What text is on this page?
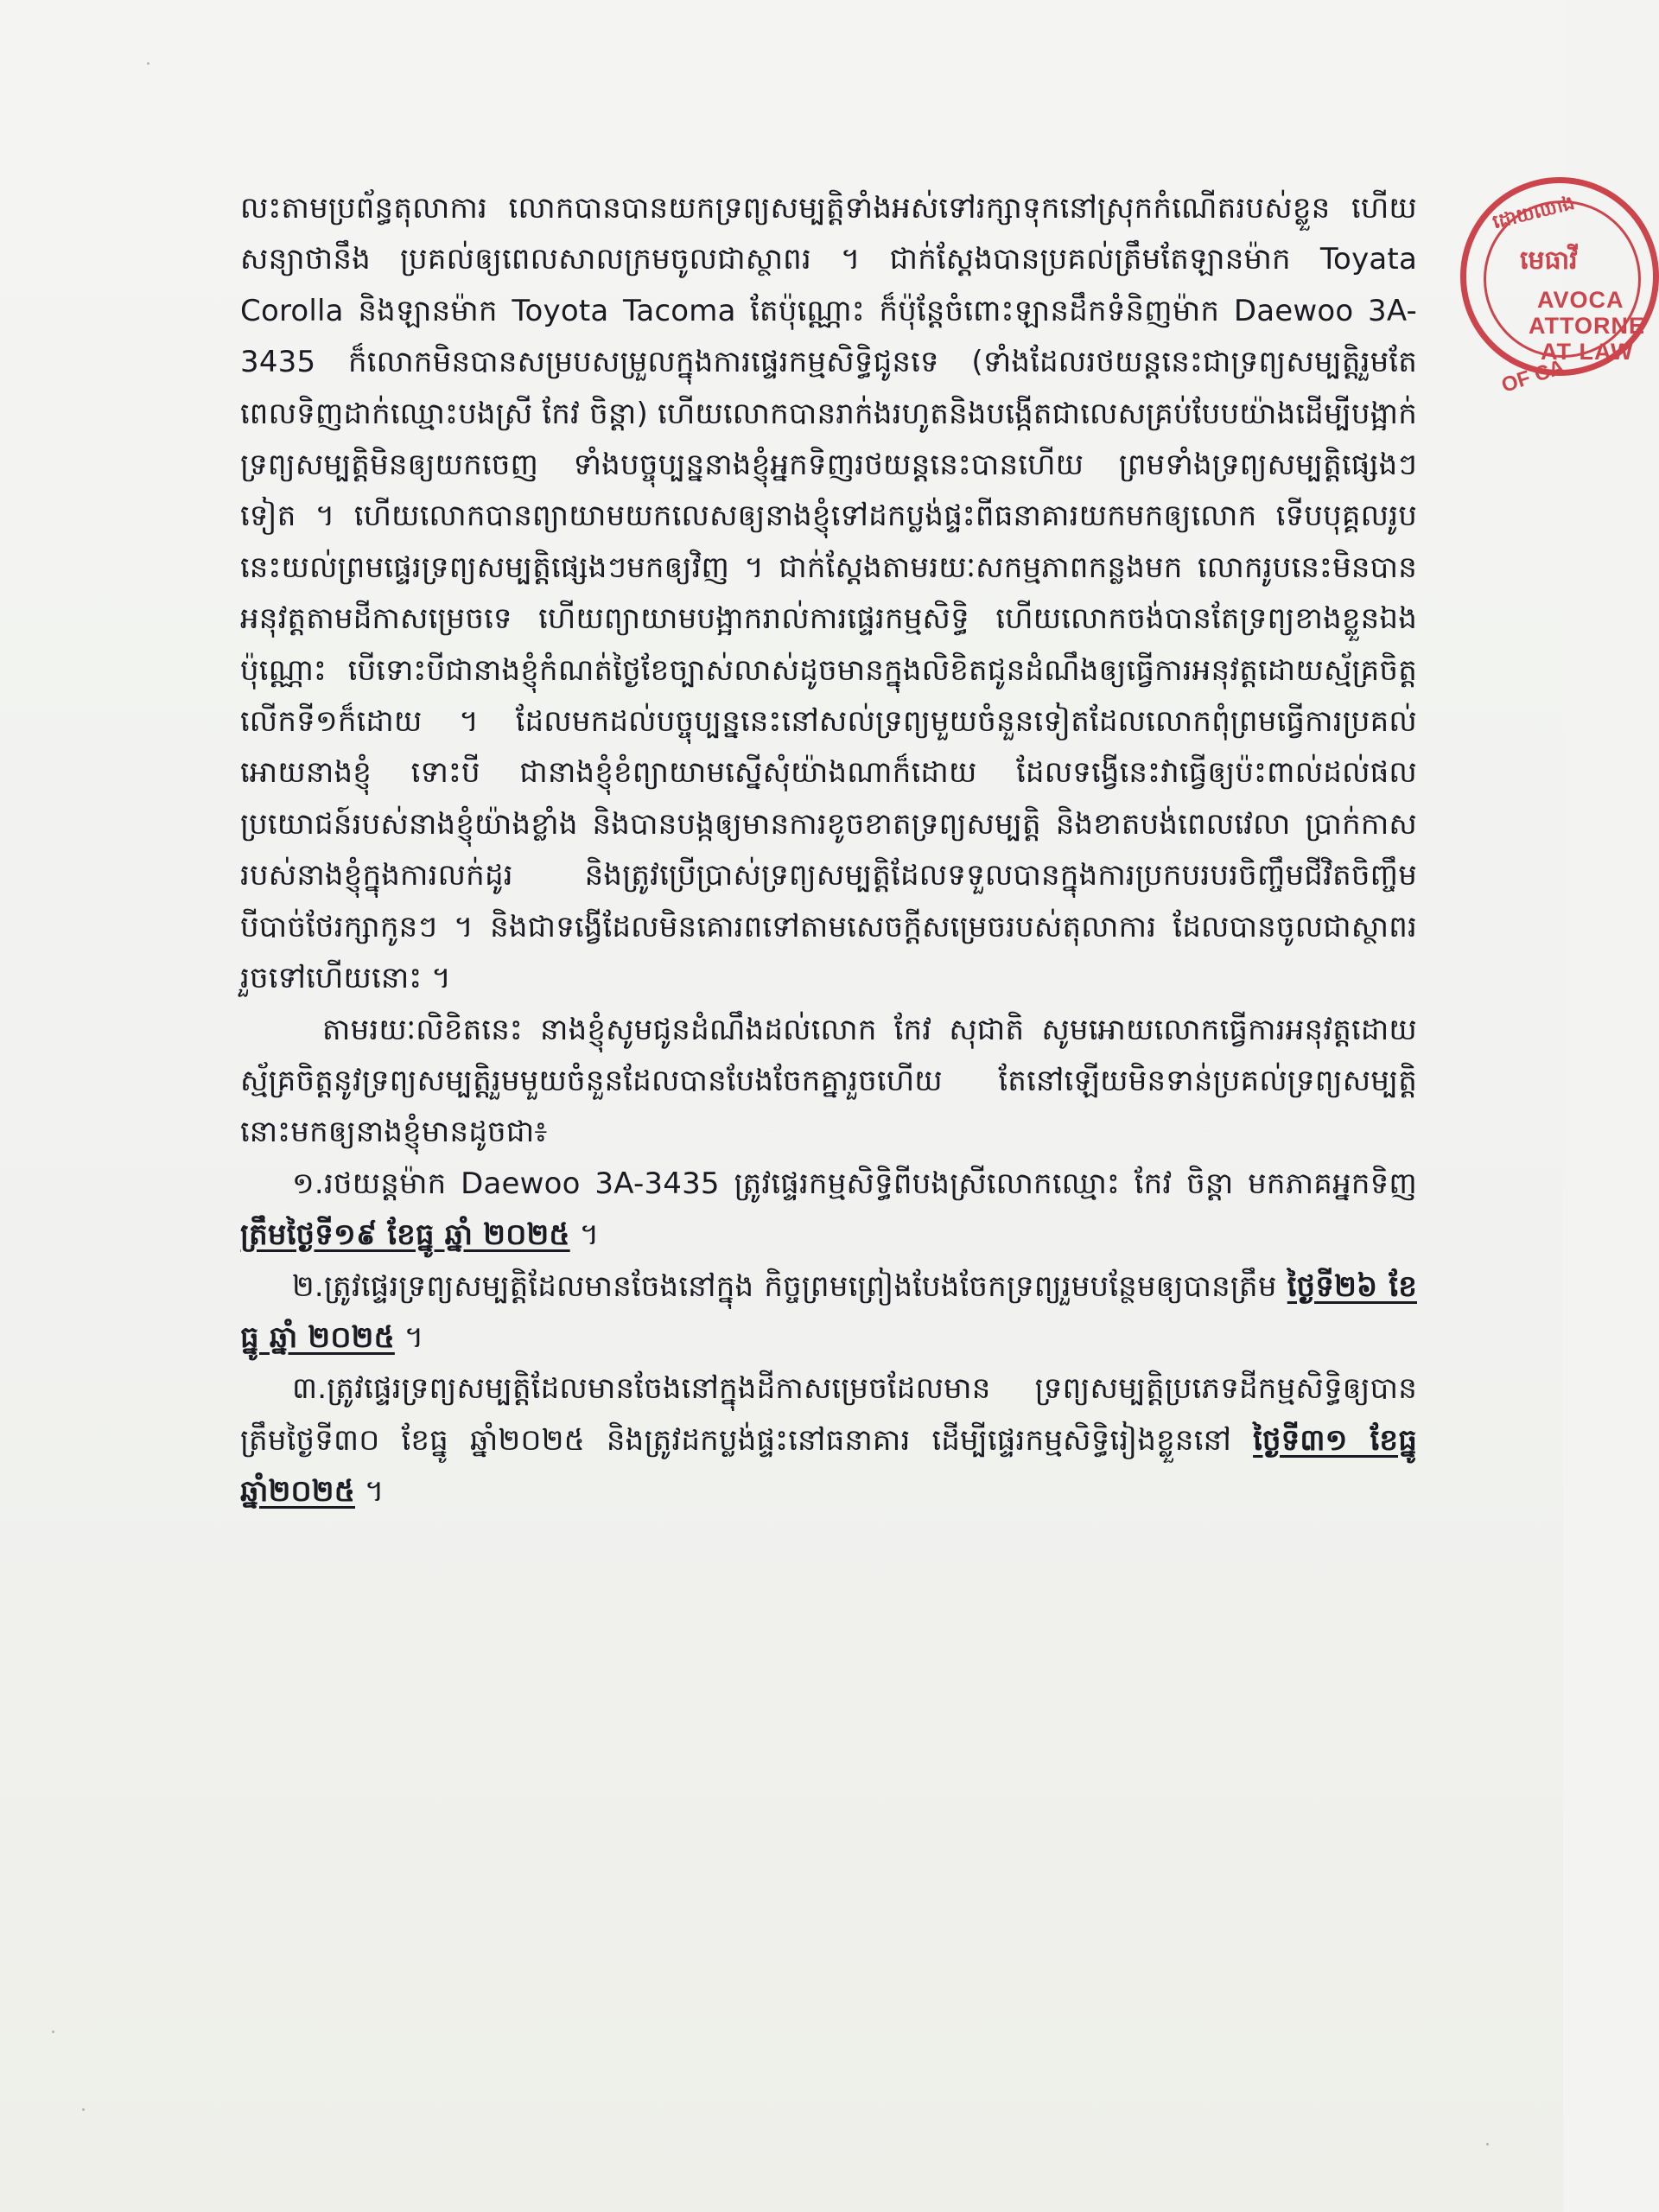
ដោយឈាង
មេធាវី
AVOCA
ATTORNE
AT LAW
OF CA

លះតាមប្រព័ន្ធតុលាការ លោកបានបានយកទ្រព្យសម្បត្តិទាំងអស់ទៅរក្សាទុកនៅស្រុកកំណើតរបស់ខ្លួន ហើយសន្យាថានឹង ប្រគល់ឲ្យពេលសាលក្រមចូលជាស្ថាពរ ។ ជាក់ស្តែងបានប្រគល់ត្រឹមតែឡានម៉ាក Toyata Corolla និងឡានម៉ាក Toyota Tacoma តែប៉ុណ្ណោះ ក៏ប៉ុន្តែចំពោះឡានដឹកទំនិញម៉ាក Daewoo 3A-3435 ក៏លោកមិនបានសម្របសម្រួលក្នុងការផ្ទេរកម្មសិទ្ធិជូនទេ (ទាំងដែលរថយន្តនេះជាទ្រព្យសម្បត្តិរួមតែពេលទិញដាក់ឈ្មោះបងស្រី កែវ ចិន្តា) ហើយលោកបានរាក់ងរហូតនិងបង្កើតជាលេសគ្រប់បែបយ៉ាងដើម្បីបង្អាក់ទ្រព្យសម្បត្តិមិនឲ្យយកចេញ ទាំងបច្ចុប្បន្ននាងខ្ញុំអ្នកទិញរថយន្តនេះបានហើយ ព្រមទាំងទ្រព្យសម្បត្តិផ្សេងៗទៀត ។ ហើយលោកបានព្យាយាមយកលេសឲ្យនាងខ្ញុំទៅដកប្លង់ផ្ទះពីធនាគារយកមកឲ្យលោក ទើបបុគ្គលរូបនេះយល់ព្រមផ្ទេរទ្រព្យសម្បត្តិផ្សេងៗមកឲ្យវិញ ។ ជាក់ស្តែងតាមរយៈសកម្មភាពកន្លងមក លោករូបនេះមិនបានអនុវត្តតាមដីកាសម្រេចទេ ហើយព្យាយាមបង្អាករាល់ការផ្ទេរកម្មសិទ្ធិ ហើយលោកចង់បានតែទ្រព្យខាងខ្លួនឯងប៉ុណ្ណោះ បើទោះបីជានាងខ្ញុំកំណត់ថ្ងៃខែច្បាស់លាស់ដូចមានក្នុងលិខិតជូនដំណឹងឲ្យធ្វើការអនុវត្តដោយស្ម័គ្រចិត្តលើកទី១ក៏ដោយ ។ ដែលមកដល់បច្ចុប្បន្ននេះនៅសល់ទ្រព្យមួយចំនួនទៀតដែលលោកពុំព្រមធ្វើការប្រគល់អោយនាងខ្ញុំ ទោះបី ជានាងខ្ញុំខំព្យាយាមស្នើសុំយ៉ាងណាក៏ដោយ ដែលទង្វើនេះវាធ្វើឲ្យប៉ះពាល់ដល់ផលប្រយោជន៍របស់នាងខ្ញុំយ៉ាងខ្លាំង និងបានបង្កឲ្យមានការខូចខាតទ្រព្យសម្បត្តិ និងខាតបង់ពេលវេលា ប្រាក់កាស របស់នាងខ្ញុំក្នុងការលក់ដូរ និងត្រូវប្រើប្រាស់ទ្រព្យសម្បត្តិដែលទទួលបានក្នុងការប្រកបរបរចិញ្ចឹមជីវិតចិញ្ចឹមបីបាច់ថែរក្សាកូនៗ ។ និងជាទង្វើដែលមិនគោរពទៅតាមសេចក្តីសម្រេចរបស់តុលាការ ដែលបានចូលជាស្ថាពររួចទៅហើយនោះ ។

តាមរយៈលិខិតនេះ នាងខ្ញុំសូមជូនដំណឹងដល់លោក កែវ សុជាតិ សូមអោយលោកធ្វើការអនុវត្តដោយស្ម័គ្រចិត្តនូវទ្រព្យសម្បត្តិរួមមួយចំនួនដែលបានបែងចែកគ្នារួចហើយ តែនៅឡើយមិនទាន់ប្រគល់ទ្រព្យសម្បត្តិនោះមកឲ្យនាងខ្ញុំមានដូចជា៖

១.រថយន្តម៉ាក Daewoo 3A-3435 ត្រូវផ្ទេរកម្មសិទ្ធិពីបងស្រីលោកឈ្មោះ កែវ ចិន្តា មកភាគអ្នកទិញ ត្រឹមថ្ងៃទី១៩ ខែធ្នូ ឆ្នាំ ២០២៥ ។

២.ត្រូវផ្ទេរទ្រព្យសម្បត្តិដែលមានចែងនៅក្នុង កិច្ចព្រមព្រៀងបែងចែកទ្រព្យរួមបន្ថែមឲ្យបានត្រឹម ថ្ងៃទី២៦ ខែធ្នូ ឆ្នាំ ២០២៥ ។

៣.ត្រូវផ្ទេរទ្រព្យសម្បត្តិដែលមានចែងនៅក្នុងដីកាសម្រេចដែលមាន ទ្រព្យសម្បត្តិប្រភេទដីកម្មសិទ្ធិឲ្យបានត្រឹមថ្ងៃទី៣០ ខែធ្នូ ឆ្នាំ២០២៥ និងត្រូវដកប្លង់ផ្ទះនៅធនាគារ ដើម្បីផ្ទេរកម្មសិទ្ធិរៀងខ្លួននៅ ថ្ងៃទី៣១ ខែធ្នូ ឆ្នាំ២០២៥ ។
